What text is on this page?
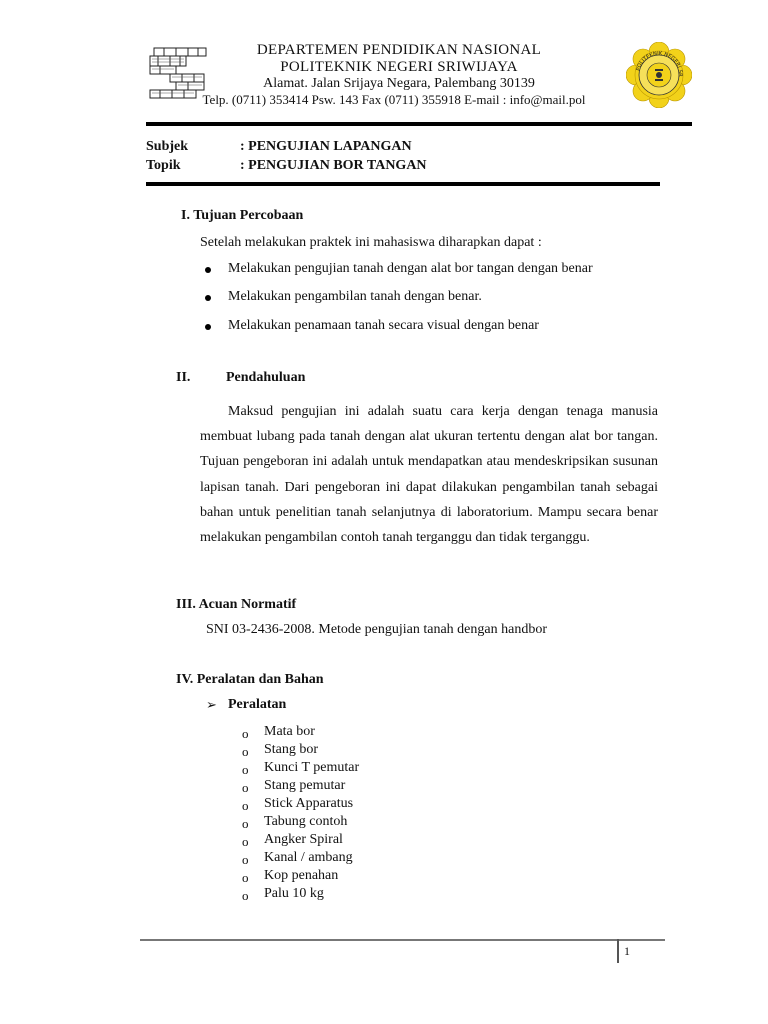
DEPARTEMEN PENDIDIKAN NASIONAL
POLITEKNIK NEGERI SRIWIJAYA
Alamat. Jalan Srijaya Negara, Palembang 30139
Telp. (0711) 353414 Psw. 143 Fax (0711) 355918 E-mail : info@mail.pol
POLITEKNIK NEGERI SR
Subjek	: PENGUJIAN LAPANGAN
Topik	: PENGUJIAN BOR TANGAN
I. Tujuan Percobaan
Setelah melakukan praktek ini mahasiswa diharapkan dapat :
Melakukan pengujian tanah dengan alat bor tangan dengan benar
Melakukan pengambilan tanah dengan benar.
Melakukan penamaan tanah secara visual dengan benar
II.	Pendahuluan
Maksud pengujian ini adalah suatu cara kerja dengan tenaga manusia membuat lubang pada tanah dengan alat ukuran tertentu dengan alat bor tangan. Tujuan pengeboran ini adalah untuk mendapatkan atau mendeskripsikan susunan lapisan tanah. Dari pengeboran ini dapat dilakukan pengambilan tanah sebagai bahan untuk penelitian tanah selanjutnya di laboratorium. Mampu secara benar melakukan pengambilan contoh tanah terganggu dan tidak terganggu.
III. Acuan Normatif
SNI 03-2436-2008. Metode pengujian tanah dengan handbor
IV. Peralatan dan Bahan
➢ Peralatan
o Mata bor
o Stang bor
o Kunci T pemutar
o Stang pemutar
o Stick Apparatus
o Tabung contoh
o Angker Spiral
o Kanal / ambang
o Kop penahan
o Palu 10 kg
1
